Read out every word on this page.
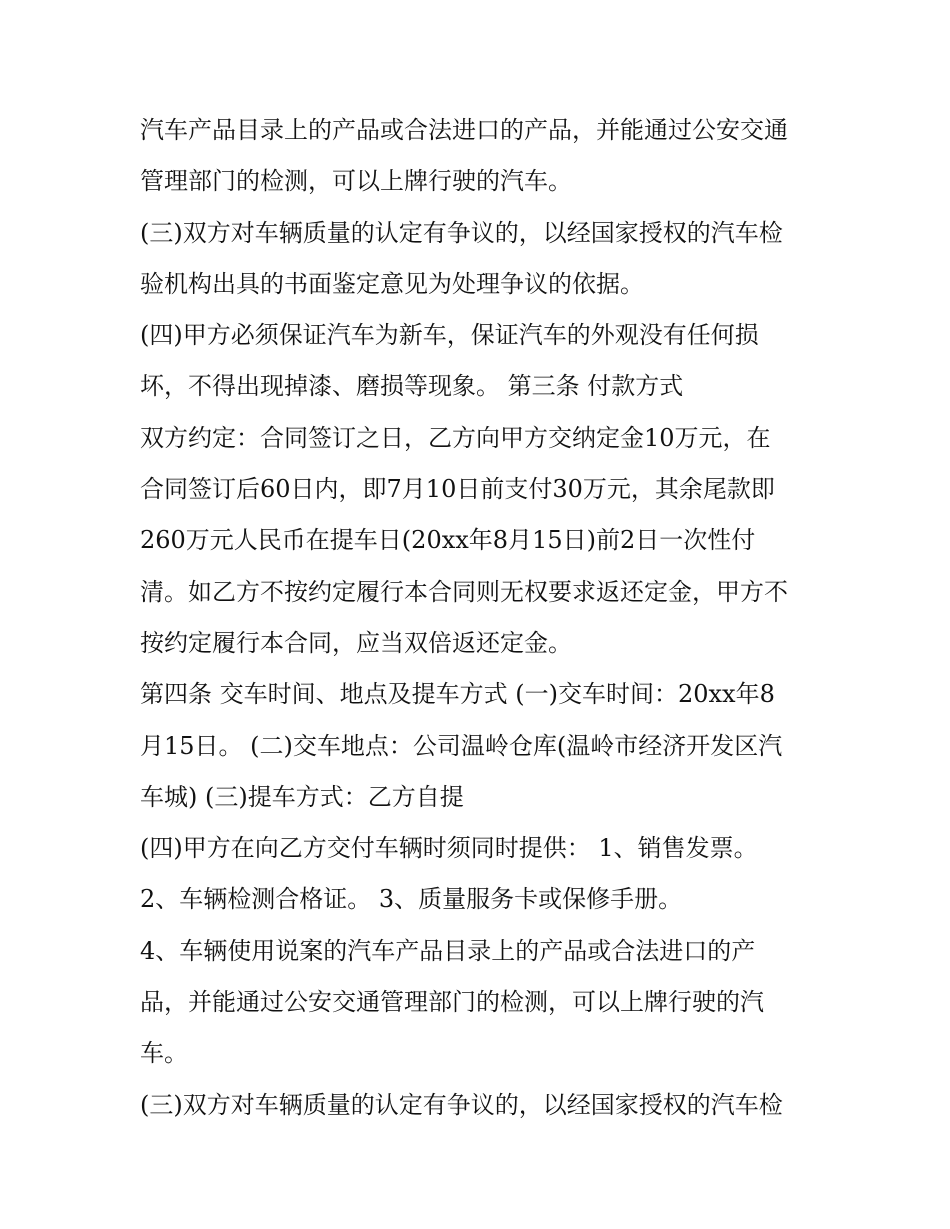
汽车产品目录上的产品或合法进口的产品，并能通过公安交通
管理部门的检测，可以上牌行驶的汽车。
(三)双方对车辆质量的认定有争议的，以经国家授权的汽车检
验机构出具的书面鉴定意见为处理争议的依据。
(四)甲方必须保证汽车为新车，保证汽车的外观没有任何损
坏，不得出现掉漆、磨损等现象。 第三条 付款方式
双方约定：合同签订之日，乙方向甲方交纳定金10万元，在
合同签订后60日内，即7月10日前支付30万元，其余尾款即
260万元人民币在提车日(20xx年8月15日)前2日一次性付
清。如乙方不按约定履行本合同则无权要求返还定金，甲方不
按约定履行本合同，应当双倍返还定金。
第四条 交车时间、地点及提车方式 (一)交车时间：20xx年8
月15日。 (二)交车地点：公司温岭仓库(温岭市经济开发区汽
车城) (三)提车方式：乙方自提
(四)甲方在向乙方交付车辆时须同时提供： 1、销售发票。
2、车辆检测合格证。 3、质量服务卡或保修手册。
4、车辆使用说案的汽车产品目录上的产品或合法进口的产
品，并能通过公安交通管理部门的检测，可以上牌行驶的汽
车。
(三)双方对车辆质量的认定有争议的，以经国家授权的汽车检
